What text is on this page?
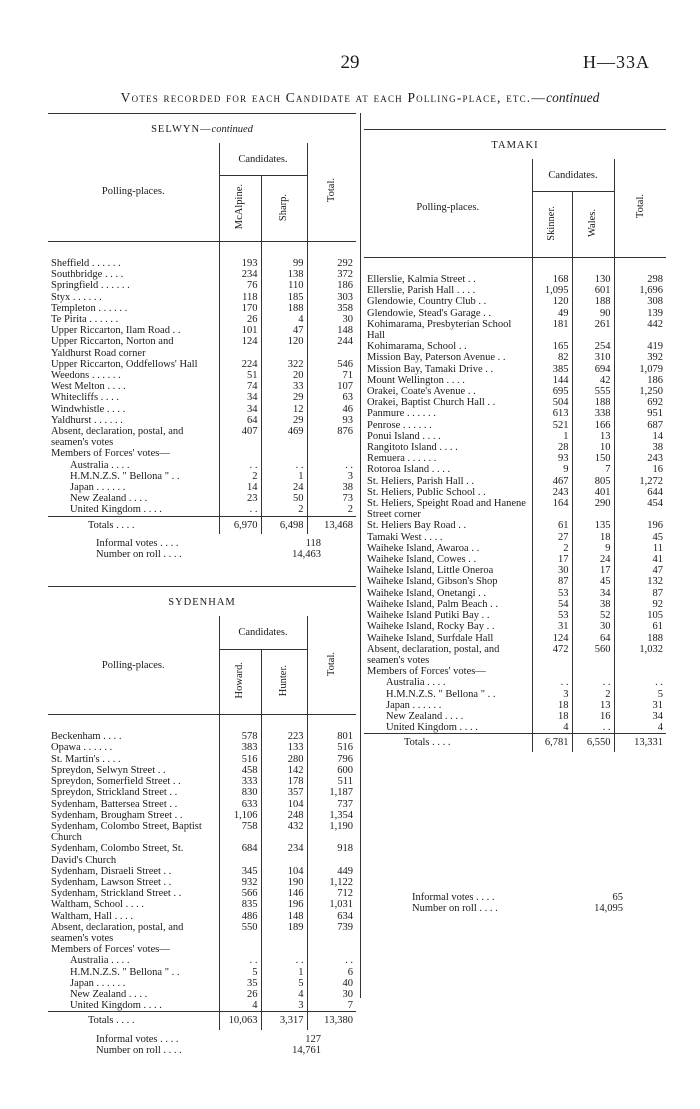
29	H—33A
Votes recorded for each Candidate at each Polling-place, etc.—continued
SELWYN—continued
Polling-places.	Candidates.		Total.
	McAlpine.	Sharp.	
Sheffield . . . . . .	193	99	292
Southbridge . . . .	234	138	372
Springfield . . . . . .	76	110	186
Styx . . . . . .	118	185	303
Templeton . . . . . .	170	188	358
Te Pirita . . . . . .	26	4	30
Upper Riccarton, Ilam Road . .	101	47	148
Upper Riccarton, Norton and Yaldhurst Road corner	124	120	244
Upper Riccarton, Oddfellows' Hall	224	322	546
Weedons . . . . . .	51	20	71
West Melton . . . .	74	33	107
Whitecliffs . . . .	34	29	63
Windwhistle . . . .	34	12	46
Yaldhurst . . . . . .	64	29	93
Absent, declaration, postal, and seamen's votes	407	469	876
Members of Forces' votes—			
Australia . . . .	. .	. .	. .
H.M.N.Z.S. " Bellona " . .	2	1	3
Japan . . . . . .	14	24	38
New Zealand . . . .	23	50	73
United Kingdom . . . .	. .	2	2
Totals . . . .	6,970	6,498	13,468
Informal votes . . . .	118	
Number on roll . . . .	14,463	
SYDENHAM
Polling-places.	Candidates.		Total.
	Howard.	Hunter.	
Beckenham . . . .	578	223	801
Opawa . . . . . .	383	133	516
St. Martin's . . . .	516	280	796
Spreydon, Selwyn Street . .	458	142	600
Spreydon, Somerfield Street . .	333	178	511
Spreydon, Strickland Street . .	830	357	1,187
Sydenham, Battersea Street . .	633	104	737
Sydenham, Brougham Street . .	1,106	248	1,354
Sydenham, Colombo Street, Baptist Church	758	432	1,190
Sydenham, Colombo Street, St. David's Church	684	234	918
Sydenham, Disraeli Street . .	345	104	449
Sydenham, Lawson Street . .	932	190	1,122
Sydenham, Strickland Street . .	566	146	712
Waltham, School . . . .	835	196	1,031
Waltham, Hall . . . .	486	148	634
Absent, declaration, postal, and seamen's votes	550	189	739
Members of Forces' votes—			
Australia . . . .	. .	. .	. .
H.M.N.Z.S. " Bellona " . .	5	1	6
Japan . . . . . .	35	5	40
New Zealand . . . .	26	4	30
United Kingdom . . . .	4	3	7
Totals . . . .	10,063	3,317	13,380
Informal votes . . . .	127	
Number on roll . . . .	14,761	
TAMAKI
Polling-places.	Candidates.		Total.
	Skinner.	Wales.	
Ellerslie, Kalmia Street . .	168	130	298
Ellerslie, Parish Hall . . . .	1,095	601	1,696
Glendowie, Country Club . .	120	188	308
Glendowie, Stead's Garage . .	49	90	139
Kohimarama, Presbyterian School Hall	181	261	442
Kohimarama, School . .	165	254	419
Mission Bay, Paterson Avenue . .	82	310	392
Mission Bay, Tamaki Drive . .	385	694	1,079
Mount Wellington . . . .	144	42	186
Orakei, Coate's Avenue . .	695	555	1,250
Orakei, Baptist Church Hall . .	504	188	692
Panmure . . . . . .	613	338	951
Penrose . . . . . .	521	166	687
Ponui Island . . . .	1	13	14
Rangitoto Island . . . .	28	10	38
Remuera . . . . . .	93	150	243
Rotoroa Island . . . .	9	7	16
St. Heliers, Parish Hall . .	467	805	1,272
St. Heliers, Public School . .	243	401	644
St. Heliers, Speight Road and Hanene Street corner	164	290	454
St. Heliers Bay Road . .	61	135	196
Tamaki West . . . .	27	18	45
Waiheke Island, Awaroa . .	2	9	11
Waiheke Island, Cowes . .	17	24	41
Waiheke Island, Little Oneroa	30	17	47
Waiheke Island, Gibson's Shop	87	45	132
Waiheke Island, Onetangi . .	53	34	87
Waiheke Island, Palm Beach . .	54	38	92
Waiheke Island Putiki Bay . .	53	52	105
Waiheke Island, Rocky Bay . .	31	30	61
Waiheke Island, Surfdale Hall	124	64	188
Absent, declaration, postal, and seamen's votes	472	560	1,032
Members of Forces' votes—			
Australia . . . .	. .	. .	. .
H.M.N.Z.S. " Bellona " . .	3	2	5
Japan . . . . . .	18	13	31
New Zealand . . . .	18	16	34
United Kingdom . . . .	4	. .	4
Totals . . . .	6,781	6,550	13,331
Informal votes . . . .	65	
Number on roll . . . .	14,095	
